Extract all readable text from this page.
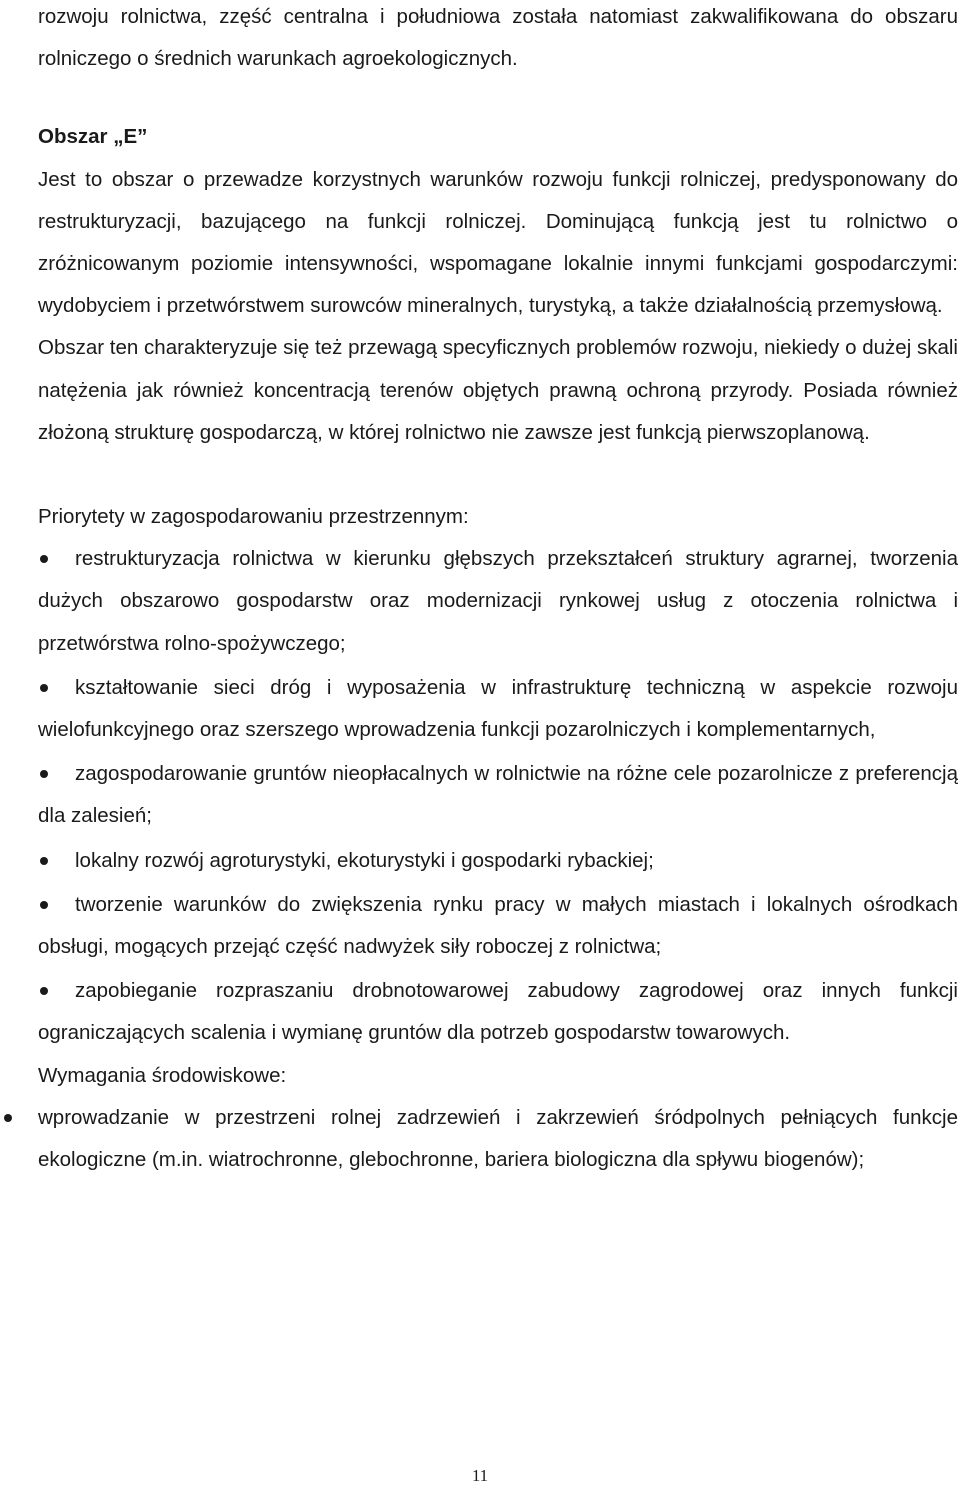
rozwoju rolnictwa, zzęść centralna i południowa została natomiast zakwalifikowana do obszaru rolniczego o średnich warunkach agroekologicznych.

Obszar „E”

Jest to obszar o przewadze korzystnych warunków rozwoju funkcji rolniczej, predysponowany do restrukturyzacji, bazującego na funkcji rolniczej. Dominującą funkcją jest tu rolnictwo o zróżnicowanym poziomie intensywności, wspomagane lokalnie innymi funkcjami gospodarczymi: wydobyciem i przetwórstwem surowców mineralnych, turystyką, a także działalnością przemysłową.

Obszar ten charakteryzuje się też przewagą specyficznych problemów rozwoju, niekiedy o dużej skali natężenia jak również koncentracją terenów objętych prawną ochroną przyrody. Posiada również złożoną strukturę gospodarczą, w której rolnictwo nie zawsze jest funkcją pierwszoplanową.

Priorytety w zagospodarowaniu przestrzennym:

restrukturyzacja rolnictwa w kierunku głębszych przekształceń struktury agrarnej, tworzenia dużych obszarowo gospodarstw oraz modernizacji rynkowej usług z otoczenia rolnictwa i przetwórstwa rolno-spożywczego;
kształtowanie sieci dróg i wyposażenia w infrastrukturę techniczną w aspekcie rozwoju wielofunkcyjnego oraz szerszego wprowadzenia funkcji pozarolniczych i komplementarnych,
zagospodarowanie gruntów nieopłacalnych w rolnictwie na różne cele pozarolnicze z preferencją dla zalesień;
lokalny rozwój agroturystyki, ekoturystyki i gospodarki rybackiej;
tworzenie warunków do zwiększenia rynku pracy w małych miastach i lokalnych ośrodkach obsługi, mogących przejąć część nadwyżek siły roboczej z rolnictwa;
zapobieganie rozpraszaniu drobnotowarowej zabudowy zagrodowej oraz innych funkcji ograniczających scalenia i wymianę gruntów dla potrzeb gospodarstw towarowych.

Wymagania środowiskowe:

wprowadzanie w przestrzeni rolnej zadrzewień i zakrzewień śródpolnych pełniących funkcje ekologiczne (m.in. wiatrochronne, glebochronne, bariera biologiczna dla spływu biogenów);
11
